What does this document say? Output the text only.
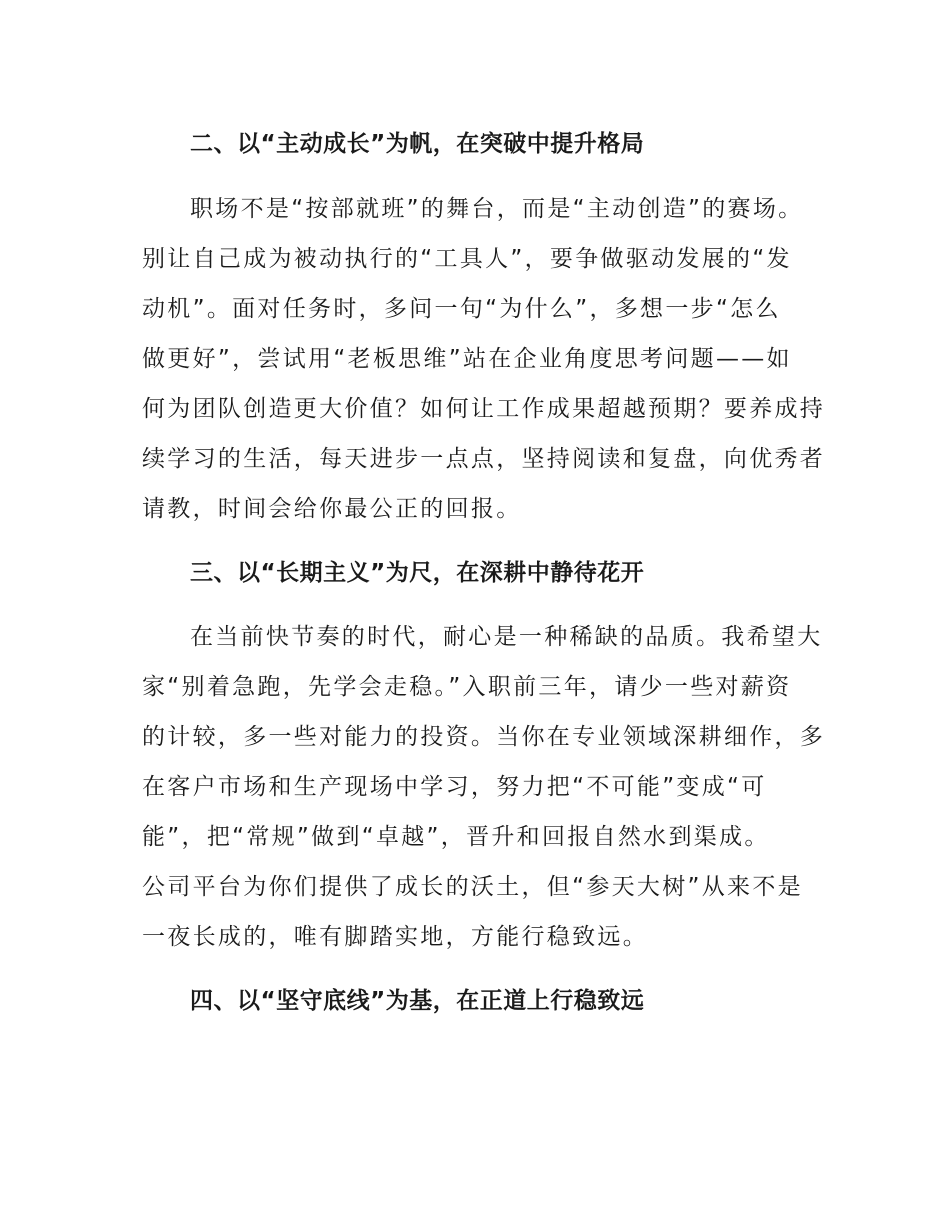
二、以“主动成长”为帆，在突破中提升格局
职场不是“按部就班”的舞台，而是“主动创造”的赛场。
别让自己成为被动执行的“工具人”，要争做驱动发展的“发
动机”。面对任务时，多问一句“为什么”，多想一步“怎么
做更好”，尝试用“老板思维”站在企业角度思考问题——如
何为团队创造更大价值？如何让工作成果超越预期？要养成持
续学习的生活，每天进步一点点，坚持阅读和复盘，向优秀者
请教，时间会给你最公正的回报。
三、以“长期主义”为尺，在深耕中静待花开
在当前快节奏的时代，耐心是一种稀缺的品质。我希望大
家“别着急跑，先学会走稳。”入职前三年，请少一些对薪资
的计较，多一些对能力的投资。当你在专业领域深耕细作，多
在客户市场和生产现场中学习，努力把“不可能”变成“可
能”，把“常规”做到“卓越”，晋升和回报自然水到渠成。
公司平台为你们提供了成长的沃土，但“参天大树”从来不是
一夜长成的，唯有脚踏实地，方能行稳致远。
四、以“坚守底线”为基，在正道上行稳致远
